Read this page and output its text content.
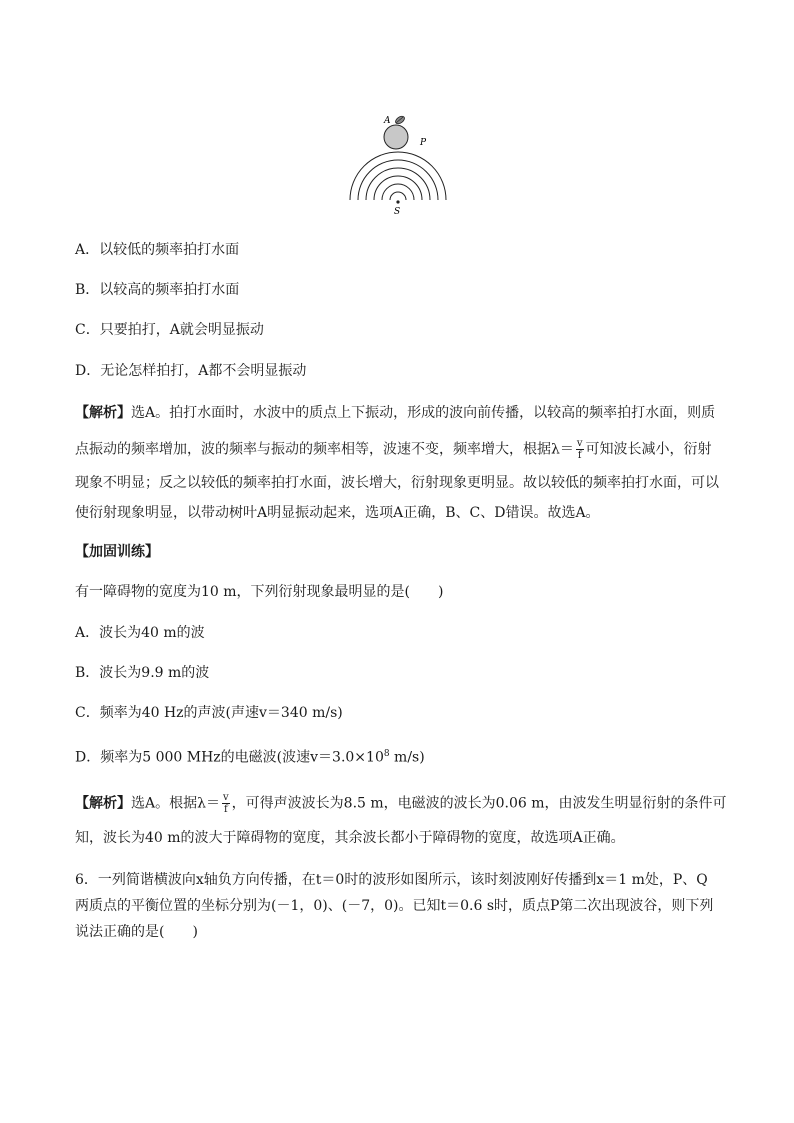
A
P
S
A．以较低的频率拍打水面
B．以较高的频率拍打水面
C．只要拍打，A就会明显振动
D．无论怎样拍打，A都不会明显振动
【解析】选A。拍打水面时，水波中的质点上下振动，形成的波向前传播，以较高的频率拍打水面，则质
点振动的频率增加，波的频率与振动的频率相等，波速不变，频率增大，根据$\lambda= \frac{v}{f}$ 可知波长减小，衍射
现象不明显；反之以较低的频率拍打水面，波长增大，衍射现象更明显。故以较低的频率拍打水面，可以
使衍射现象明显，以带动树叶A明显振动起来，选项A正确，B、C、D错误。故选A。
【加固训练】
有一障碍物的宽度为10 m，下列衍射现象最明显的是(　　)
A．波长为40 m的波
B．波长为9.9 m的波
C．频率为40 Hz的声波(声速v＝340 m/s)
D．频率为5 000 MHz的电磁波(波速$v=3.0\times 10^8$ m/s)
【解析】选A。根据$\lambda= \frac{v}{f}$ ，可得声波波长为8.5 m，电磁波的波长为0.06 m，由波发生明显衍射的条件可
知，波长为40 m的波大于障碍物的宽度，其余波长都小于障碍物的宽度，故选项A正确。
6．一列简谐横波向x轴负方向传播，在t＝0时的波形如图所示，该时刻波刚好传播到x＝1 m处，P、Q
两质点的平衡位置的坐标分别为(－1，0)、(－7，0)。已知t＝0.6 s时，质点P第二次出现波谷，则下列
说法正确的是(　　)
